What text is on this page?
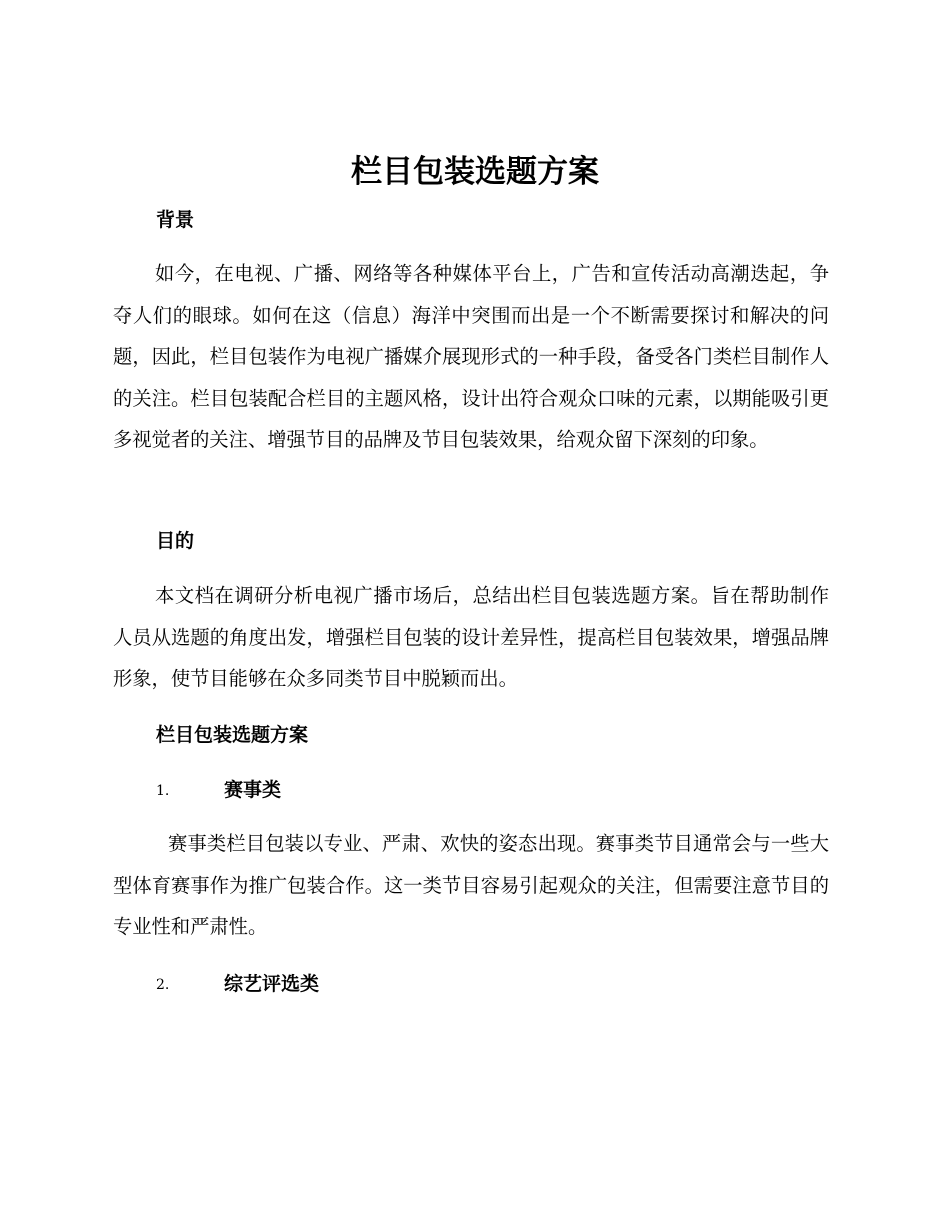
栏目包装选题方案
背景

如今，在电视、广播、网络等各种媒体平台上，广告和宣传活动高潮迭起，争夺人们的眼球。如何在这（信息）海洋中突围而出是一个不断需要探讨和解决的问题，因此，栏目包装作为电视广播媒介展现形式的一种手段，备受各门类栏目制作人的关注。栏目包装配合栏目的主题风格，设计出符合观众口味的元素，以期能吸引更多视觉者的关注、增强节目的品牌及节目包装效果，给观众留下深刻的印象。

目的

本文档在调研分析电视广播市场后，总结出栏目包装选题方案。旨在帮助制作人员从选题的角度出发，增强栏目包装的设计差异性，提高栏目包装效果，增强品牌形象，使节目能够在众多同类节目中脱颖而出。

栏目包装选题方案
1.	赛事类

赛事类栏目包装以专业、严肃、欢快的姿态出现。赛事类节目通常会与一些大型体育赛事作为推广包装合作。这一类节目容易引起观众的关注，但需要注意节目的专业性和严肃性。

2.	综艺评选类
